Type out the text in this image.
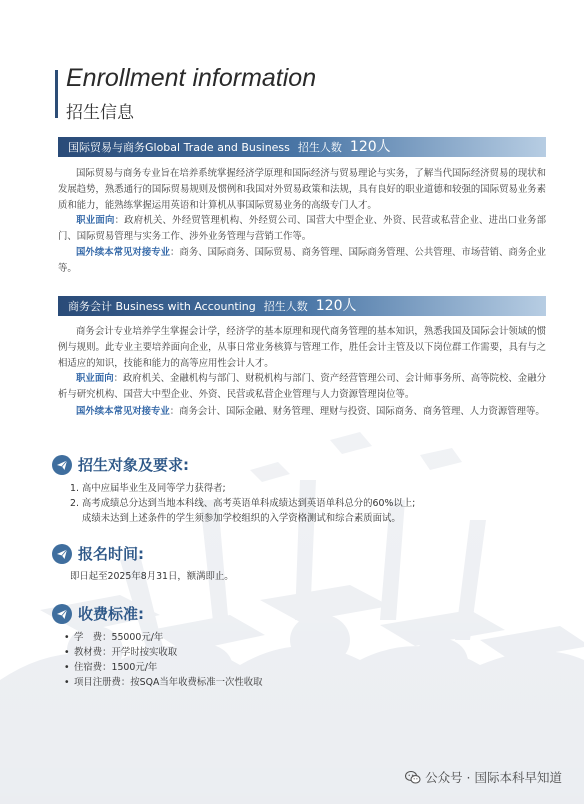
Enrollment information
招生信息
国际贸易与商务Global Trade and Business 招生人数 120人
国际贸易与商务专业旨在培养系统掌握经济学原理和国际经济与贸易理论与实务，了解当代国际经济贸易的现状和发展趋势，熟悉通行的国际贸易规则及惯例和我国对外贸易政策和法规，具有良好的职业道德和较强的国际贸易业务素质和能力，能熟练掌握运用英语和计算机从事国际贸易业务的高级专门人才。
职业面向：政府机关、外经贸管理机构、外经贸公司、国营大中型企业、外资、民营或私营企业、进出口业务部门、国际贸易管理与实务工作、涉外业务管理与营销工作等。
国外续本常见对接专业：商务、国际商务、国际贸易、商务管理、国际商务管理、公共管理、市场营销、商务企业等。
商务会计 Business with Accounting 招生人数 120人
商务会计专业培养学生掌握会计学，经济学的基本原理和现代商务管理的基本知识，熟悉我国及国际会计领域的惯例与规则。此专业主要培养面向企业，从事日常业务核算与管理工作，胜任会计主管及以下岗位群工作需要，具有与之相适应的知识，技能和能力的高等应用性会计人才。
职业面向：政府机关、金融机构与部门、财税机构与部门、资产经营管理公司、会计师事务所、高等院校、金融分析与研究机构、国营大中型企业、外资、民营或私营企业管理与人力资源管理岗位等。
国外续本常见对接专业：商务会计、国际金融、财务管理、理财与投资、国际商务、商务管理、人力资源管理等。
招生对象及要求:
1. 高中应届毕业生及同等学力获得者;
2. 高考成绩总分达到当地本科线、高考英语单科成绩达到英语单科总分的60%以上;
成绩未达到上述条件的学生须参加学校组织的入学资格测试和综合素质面试。
报名时间:
即日起至2025年8月31日，额满即止。
收费标准:
• 学　费：55000元/年
• 教材费：开学时按实收取
• 住宿费：1500元/年
• 项目注册费：按SQA当年收费标准一次性收取
公众号 · 国际本科早知道
